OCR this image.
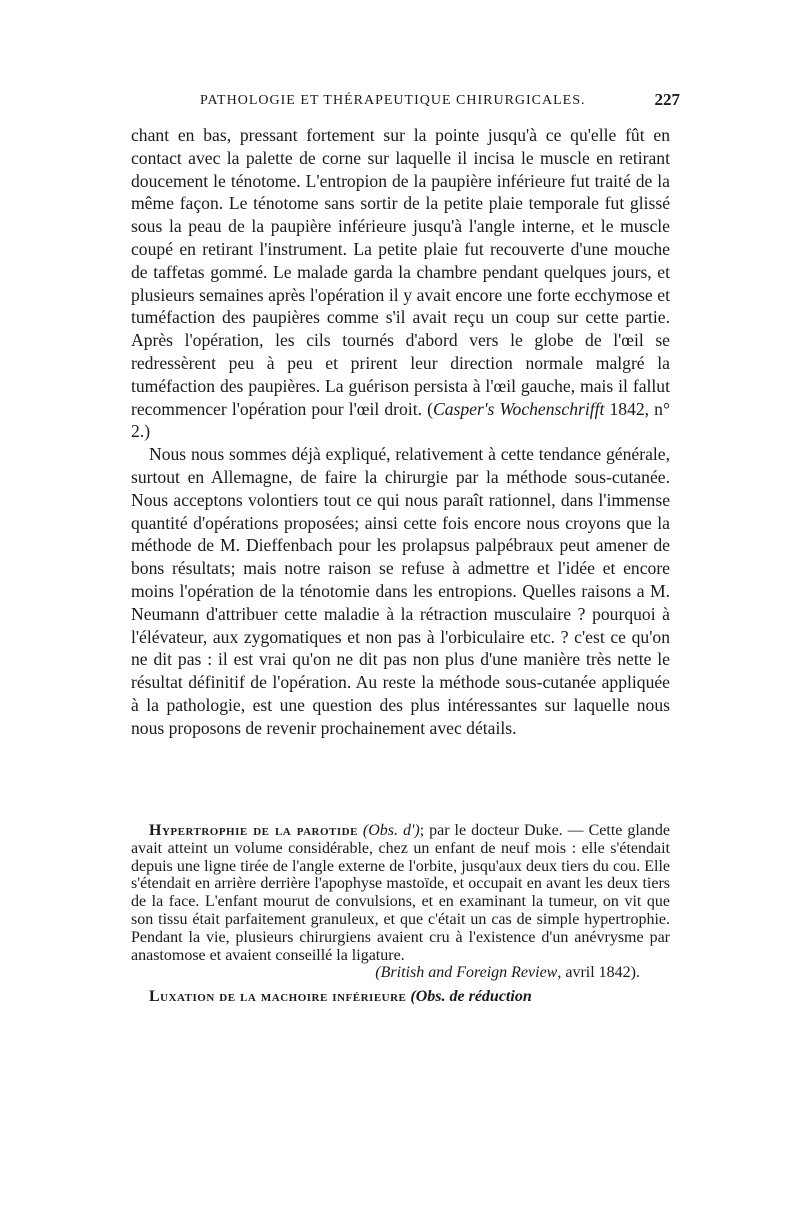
PATHOLOGIE ET THÉRAPEUTIQUE CHIRURGICALES.	227

chant en bas, pressant fortement sur la pointe jusqu'à ce qu'elle fût en contact avec la palette de corne sur laquelle il incisa le muscle en retirant doucement le ténotome. L'entropion de la paupière inférieure fut traité de la même façon. Le ténotome sans sortir de la petite plaie temporale fut glissé sous la peau de la paupière inférieure jusqu'à l'angle interne, et le muscle coupé en retirant l'instrument. La petite plaie fut recouverte d'une mouche de taffetas gommé. Le malade garda la chambre pendant quelques jours, et plusieurs semaines après l'opération il y avait encore une forte ecchymose et tuméfaction des paupières comme s'il avait reçu un coup sur cette partie. Après l'opération, les cils tournés d'abord vers le globe de l'œil se redressèrent peu à peu et prirent leur direction normale malgré la tuméfaction des paupières. La guérison persista à l'œil gauche, mais il fallut recommencer l'opération pour l'œil droit. (Casper's Wochenschrifft 1842, n° 2.)

Nous nous sommes déjà expliqué, relativement à cette tendance générale, surtout en Allemagne, de faire la chirurgie par la méthode sous-cutanée. Nous acceptons volontiers tout ce qui nous paraît rationnel, dans l'immense quantité d'opérations proposées; ainsi cette fois encore nous croyons que la méthode de M. Dieffenbach pour les prolapsus palpébraux peut amener de bons résultats; mais notre raison se refuse à admettre et l'idée et encore moins l'opération de la ténotomie dans les entropions. Quelles raisons a M. Neumann d'attribuer cette maladie à la rétraction musculaire ? pourquoi à l'élévateur, aux zygomatiques et non pas à l'orbiculaire etc. ? c'est ce qu'on ne dit pas : il est vrai qu'on ne dit pas non plus d'une manière très nette le résultat définitif de l'opération. Au reste la méthode sous-cutanée appliquée à la pathologie, est une question des plus intéressantes sur laquelle nous nous proposons de revenir prochainement avec détails.

Hypertrophie de la parotide (Obs. d'); par le docteur Duke. — Cette glande avait atteint un volume considérable, chez un enfant de neuf mois : elle s'étendait depuis une ligne tirée de l'angle externe de l'orbite, jusqu'aux deux tiers du cou. Elle s'étendait en arrière derrière l'apophyse mastoïde, et occupait en avant les deux tiers de la face. L'enfant mourut de convulsions, et en examinant la tumeur, on vit que son tissu était parfaitement granuleux, et que c'était un cas de simple hypertrophie. Pendant la vie, plusieurs chirurgiens avaient cru à l'existence d'un anévrysme par anastomose et avaient conseillé la ligature.

(British and Foreign Review, avril 1842).

Luxation de la machoire inférieure (Obs. de réduction
